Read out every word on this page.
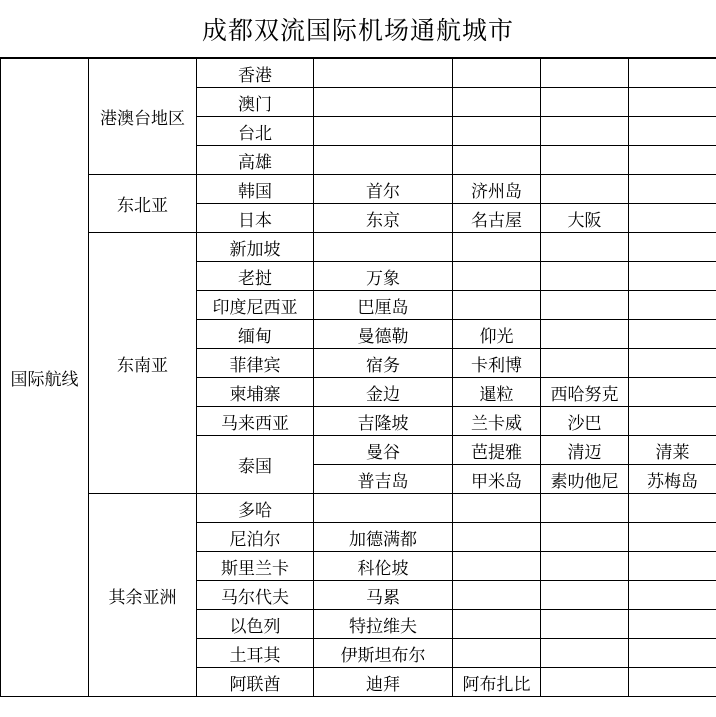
成都双流国际机场通航城市
国际航线	港澳台地区	香港				
		澳门				
		台北				
		高雄				
	东北亚	韩国	首尔	济州岛		
		日本	东京	名古屋	大阪	
	东南亚	新加坡				
		老挝	万象			
		印度尼西亚	巴厘岛			
		缅甸	曼德勒	仰光		
		菲律宾	宿务	卡利博		
		柬埔寨	金边	暹粒	西哈努克	
		马来西亚	吉隆坡	兰卡威	沙巴	
		泰国	曼谷	芭提雅	清迈	清莱
			普吉岛	甲米岛	素叻他尼	苏梅岛
	其余亚洲	多哈				
		尼泊尔	加德满都			
		斯里兰卡	科伦坡			
		马尔代夫	马累			
		以色列	特拉维夫			
		土耳其	伊斯坦布尔			
		阿联酋	迪拜	阿布扎比		
